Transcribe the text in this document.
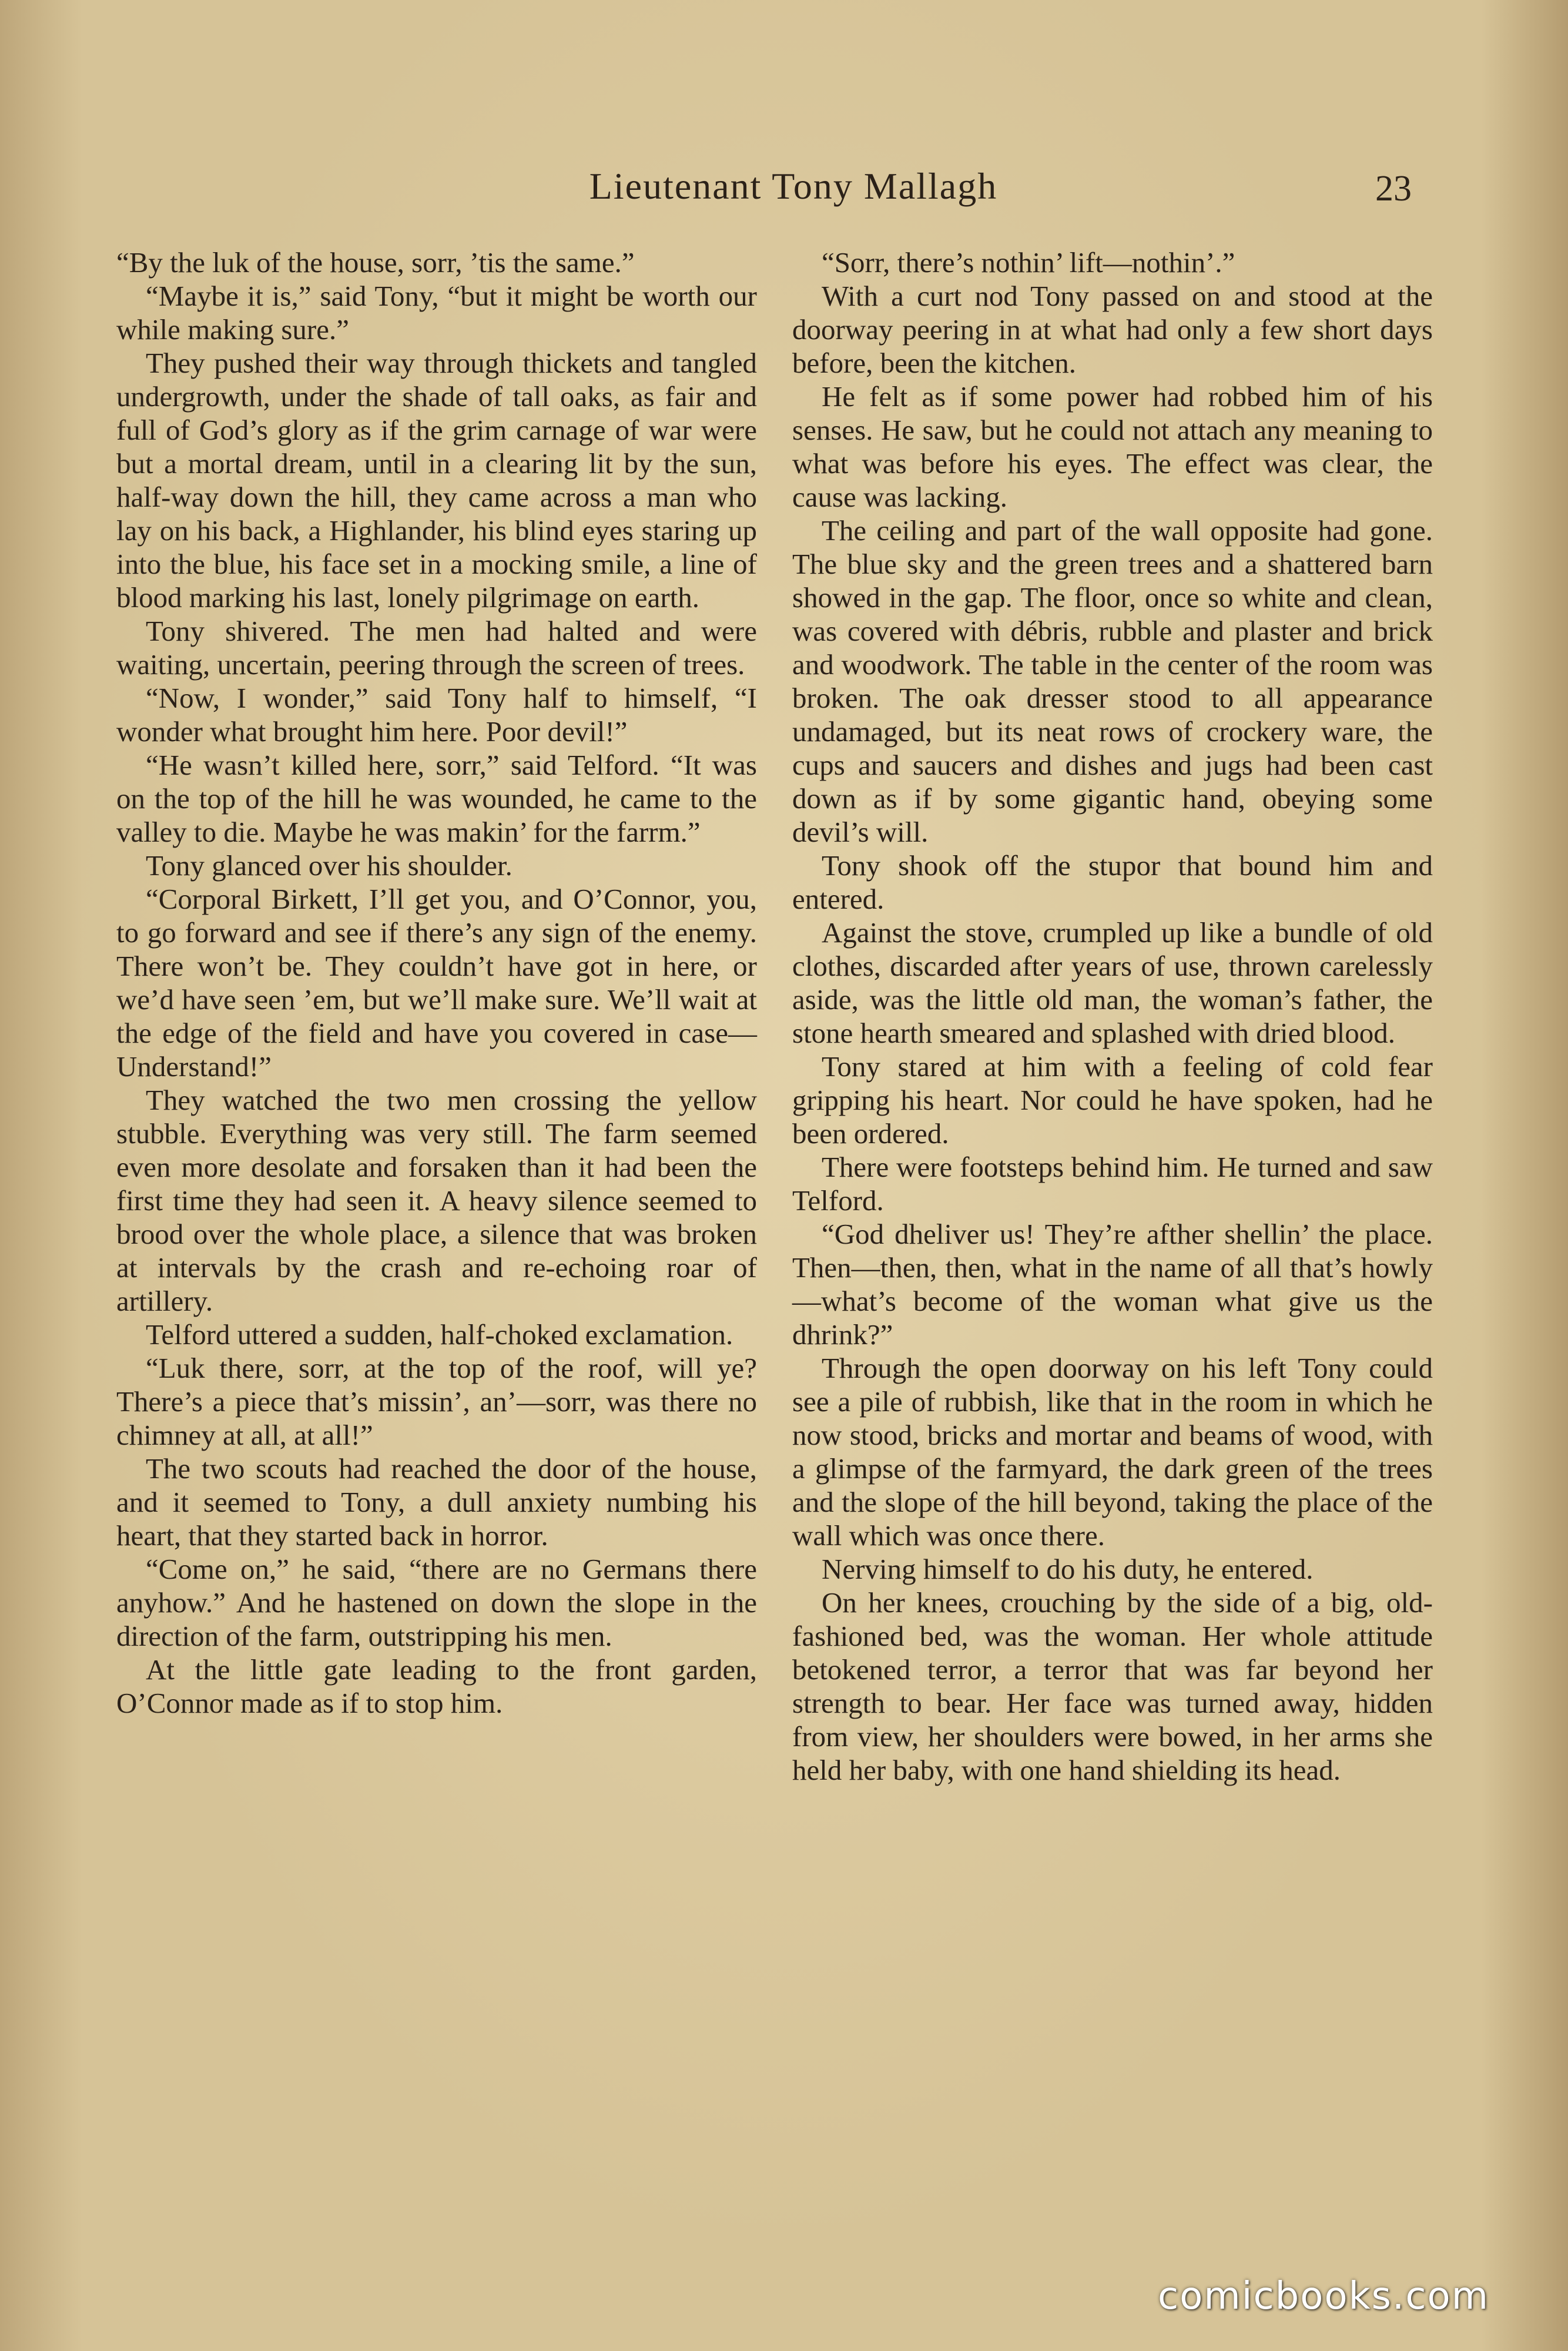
Lieutenant Tony Mallagh	23

“By the luk of the house, sorr, ’tis the same.”

“Maybe it is,” said Tony, “but it might be worth our while making sure.”

They pushed their way through thickets and tangled undergrowth, under the shade of tall oaks, as fair and full of God’s glory as if the grim carnage of war were but a mortal dream, until in a clearing lit by the sun, half-way down the hill, they came across a man who lay on his back, a Highlander, his blind eyes staring up into the blue, his face set in a mocking smile, a line of blood marking his last, lonely pilgrimage on earth.

Tony shivered. The men had halted and were waiting, uncertain, peering through the screen of trees.

“Now, I wonder,” said Tony half to himself, “I wonder what brought him here. Poor devil!”

“He wasn’t killed here, sorr,” said Telford. “It was on the top of the hill he was wounded, he came to the valley to die. Maybe he was makin’ for the farrm.”

Tony glanced over his shoulder.

“Corporal Birkett, I’ll get you, and O’Connor, you, to go forward and see if there’s any sign of the enemy. There won’t be. They couldn’t have got in here, or we’d have seen ’em, but we’ll make sure. We’ll wait at the edge of the field and have you covered in case— Understand!”

They watched the two men crossing the yellow stubble. Everything was very still. The farm seemed even more desolate and forsaken than it had been the first time they had seen it. A heavy silence seemed to brood over the whole place, a silence that was broken at intervals by the crash and re-echoing roar of artillery.

Telford uttered a sudden, half-choked exclamation.

“Luk there, sorr, at the top of the roof, will ye? There’s a piece that’s missin’, an’—sorr, was there no chimney at all, at all!”

The two scouts had reached the door of the house, and it seemed to Tony, a dull anxiety numbing his heart, that they started back in horror.

“Come on,” he said, “there are no Germans there anyhow.” And he hastened on down the slope in the direction of the farm, outstripping his men.

At the little gate leading to the front garden, O’Connor made as if to stop him.

“Sorr, there’s nothin’ lift—nothin’.”

With a curt nod Tony passed on and stood at the doorway peering in at what had only a few short days before, been the kitchen.

He felt as if some power had robbed him of his senses. He saw, but he could not attach any meaning to what was before his eyes. The effect was clear, the cause was lacking.

The ceiling and part of the wall opposite had gone. The blue sky and the green trees and a shattered barn showed in the gap. The floor, once so white and clean, was covered with débris, rubble and plaster and brick and woodwork. The table in the center of the room was broken. The oak dresser stood to all appearance undamaged, but its neat rows of crockery ware, the cups and saucers and dishes and jugs had been cast down as if by some gigantic hand, obeying some devil’s will.

Tony shook off the stupor that bound him and entered.

Against the stove, crumpled up like a bundle of old clothes, discarded after years of use, thrown carelessly aside, was the little old man, the woman’s father, the stone hearth smeared and splashed with dried blood.

Tony stared at him with a feeling of cold fear gripping his heart. Nor could he have spoken, had he been ordered.

There were footsteps behind him. He turned and saw Telford.

“God dheliver us! They’re afther shellin’ the place. Then—then, then, what in the name of all that’s howly—what’s become of the woman what give us the dhrink?”

Through the open doorway on his left Tony could see a pile of rubbish, like that in the room in which he now stood, bricks and mortar and beams of wood, with a glimpse of the farmyard, the dark green of the trees and the slope of the hill beyond, taking the place of the wall which was once there.

Nerving himself to do his duty, he entered.

On her knees, crouching by the side of a big, old-fashioned bed, was the woman. Her whole attitude betokened terror, a terror that was far beyond her strength to bear. Her face was turned away, hidden from view, her shoulders were bowed, in her arms she held her baby, with one hand shielding its head.

comicbooks.com
